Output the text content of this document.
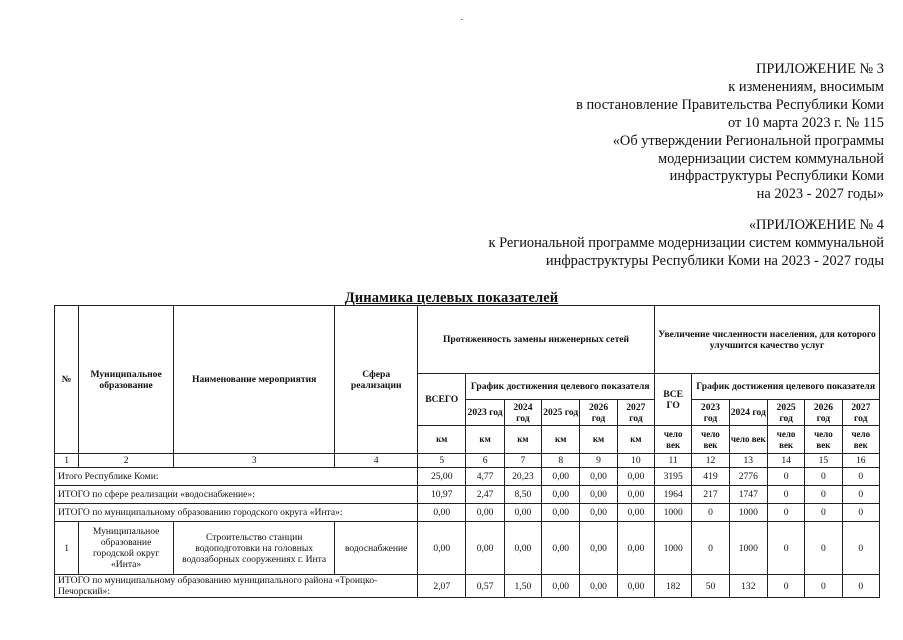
ПРИЛОЖЕНИЕ № 3
к изменениям, вносимым
в постановление Правительства Республики Коми
от 10 марта 2023 г. № 115
«Об утверждении Региональной программы
модернизации систем коммунальной
инфраструктуры Республики Коми
на 2023 - 2027 годы»
«ПРИЛОЖЕНИЕ № 4
к Региональной программе модернизации систем коммунальной
инфраструктуры Республики Коми на 2023 - 2027 годы
Динамика целевых показателей
№	Муниципальное образование	Наименование мероприятия	Сфера реализации	Протяженность замены инженерных сетей						Увеличение численности населения, для которого улучшится качество услуг					
				ВСЕГО	График достижения целевого показателя					ВСЕ ГО	График достижения целевого показателя				
					2023 год	2024 год	2025 год	2026 год	2027 год		2023 год	2024 год	2025 год	2026 год	2027 год
				км	км	км	км	км	км	чело век	чело век	чело век	чело век	чело век	чело век
1	2	3	4	5	6	7	8	9	10	11	12	13	14	15	16
Итого Республике Коми:				25,00	4,77	20,23	0,00	0,00	0,00	3195	419	2776	0	0	0
ИТОГО по сфере реализации «водоснабжение»:				10,97	2,47	8,50	0,00	0,00	0,00	1964	217	1747	0	0	0
ИТОГО по муниципальному образованию городского округа «Инта»:				0,00	0,00	0,00	0,00	0,00	0,00	1000	0	1000	0	0	0
1	Муниципальное образование городской округ «Инта»	Строительство станции водоподготовки на головных водозаборных сооружениях г. Инта	водоснабжение	0,00	0,00	0,00	0,00	0,00	0,00	1000	0	1000	0	0	0
ИТОГО по муниципальному образованию муниципального района «Троицко-Печорский»:				2,07	0,57	1,50	0,00	0,00	0,00	182	50	132	0	0	0
